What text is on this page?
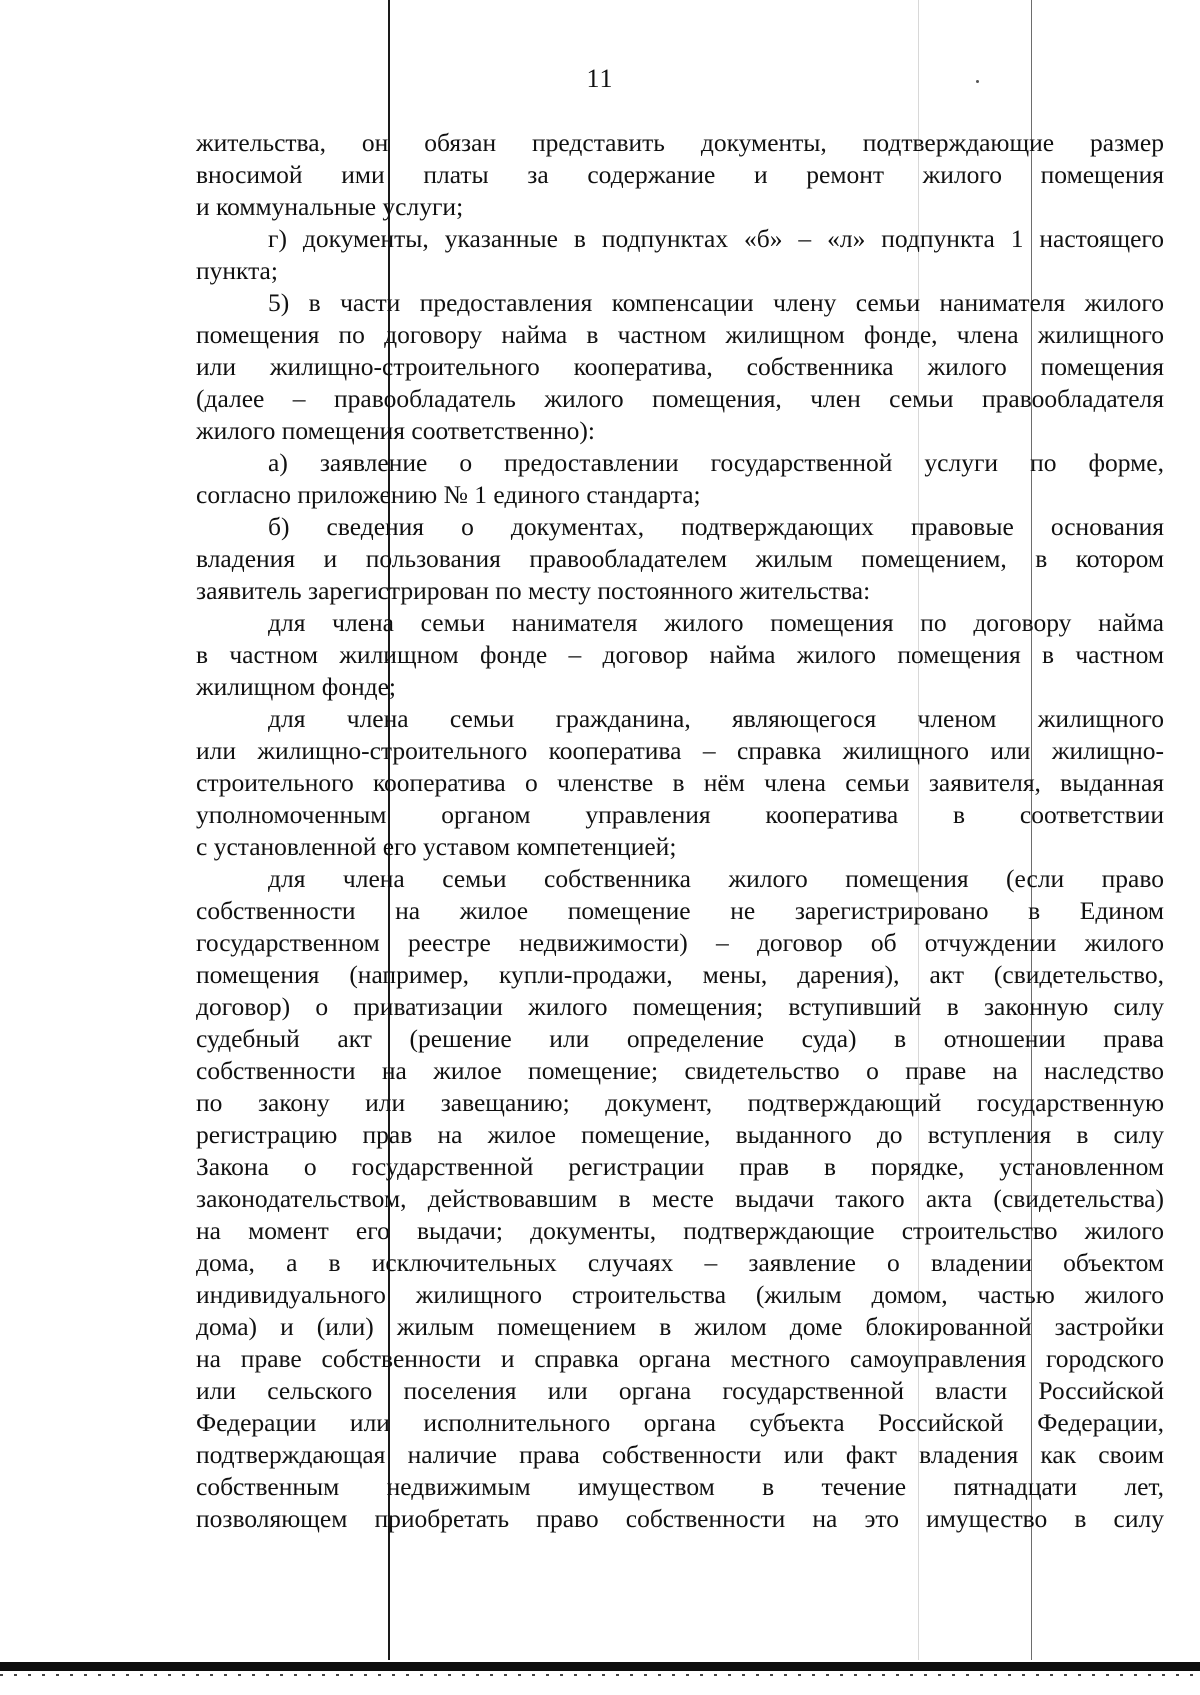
11
жительства, он обязан представить документы, подтверждающие размер
вносимой ими платы за содержание и ремонт жилого помещения
и коммунальные услуги;
г) документы, указанные в подпунктах «б» – «л» подпункта 1 настоящего
пункта;
5) в части предоставления компенсации члену семьи нанимателя жилого
помещения по договору найма в частном жилищном фонде, члена жилищного
или жилищно-строительного кооператива, собственника жилого помещения
(далее – правообладатель жилого помещения, член семьи правообладателя
жилого помещения соответственно):
а) заявление о предоставлении государственной услуги по форме,
согласно приложению № 1 единого стандарта;
б) сведения о документах, подтверждающих правовые основания
владения и пользования правообладателем жилым помещением, в котором
заявитель зарегистрирован по месту постоянного жительства:
для члена семьи нанимателя жилого помещения по договору найма
в частном жилищном фонде – договор найма жилого помещения в частном
жилищном фонде;
для члена семьи гражданина, являющегося членом жилищного
или жилищно-строительного кооператива – справка жилищного или жилищно-
строительного кооператива о членстве в нём члена семьи заявителя, выданная
уполномоченным органом управления кооператива в соответствии
с установленной его уставом компетенцией;
для члена семьи собственника жилого помещения (если право
собственности на жилое помещение не зарегистрировано в Едином
государственном реестре недвижимости) – договор об отчуждении жилого
помещения (например, купли-продажи, мены, дарения), акт (свидетельство,
договор) о приватизации жилого помещения; вступивший в законную силу
судебный акт (решение или определение суда) в отношении права
собственности на жилое помещение; свидетельство о праве на наследство
по закону или завещанию; документ, подтверждающий государственную
регистрацию прав на жилое помещение, выданного до вступления в силу
Закона о государственной регистрации прав в порядке, установленном
законодательством, действовавшим в месте выдачи такого акта (свидетельства)
на момент его выдачи; документы, подтверждающие строительство жилого
дома, а в исключительных случаях – заявление о владении объектом
индивидуального жилищного строительства (жилым домом, частью жилого
дома) и (или) жилым помещением в жилом доме блокированной застройки
на праве собственности и справка органа местного самоуправления городского
или сельского поселения или органа государственной власти Российской
Федерации или исполнительного органа субъекта Российской Федерации,
подтверждающая наличие права собственности или факт владения как своим
собственным недвижимым имуществом в течение пятнадцати лет,
позволяющем приобретать право собственности на это имущество в силу
